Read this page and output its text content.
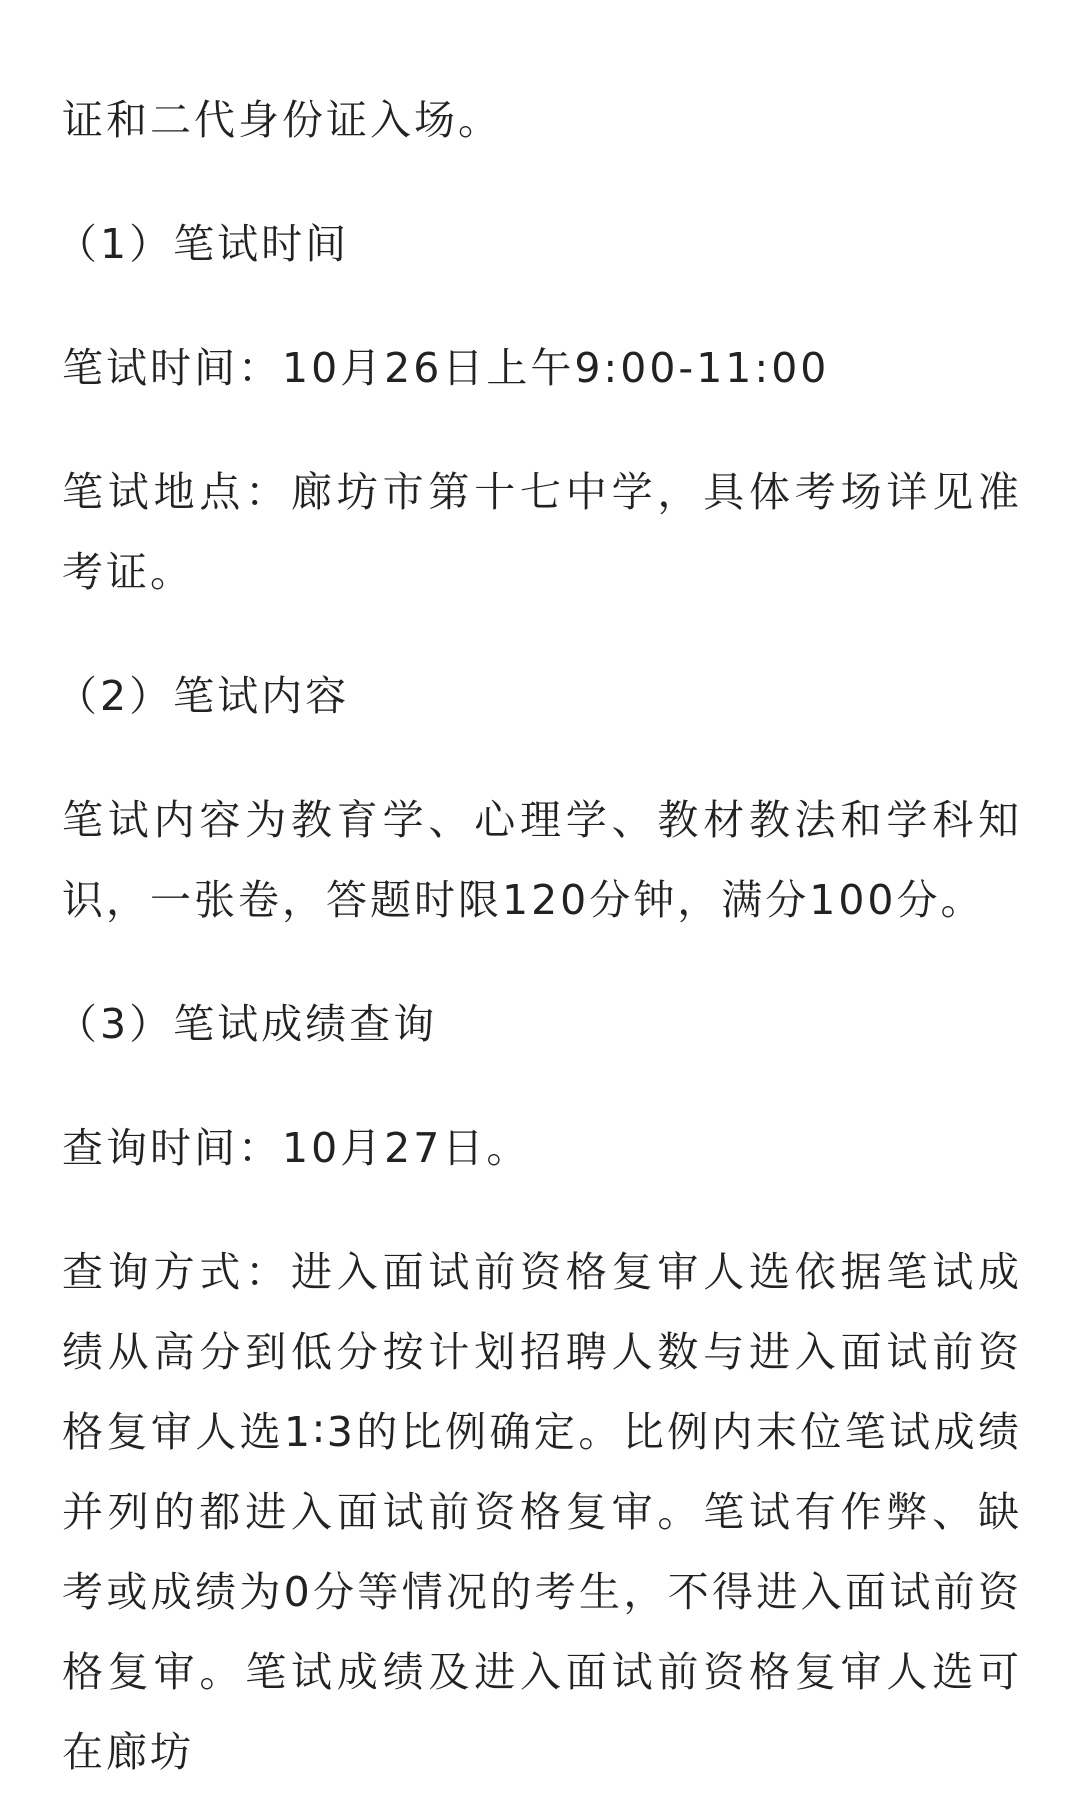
证和二代身份证入场。

（1）笔试时间

笔试时间：10月26日上午9:00-11:00

笔试地点：廊坊市第十七中学，具体考场详见准考证。

（2）笔试内容

笔试内容为教育学、心理学、教材教法和学科知识，一张卷，答题时限120分钟，满分100分。

（3）笔试成绩查询

查询时间：10月27日。

查询方式：进入面试前资格复审人选依据笔试成绩从高分到低分按计划招聘人数与进入面试前资格复审人选1∶3的比例确定。比例内末位笔试成绩并列的都进入面试前资格复审。笔试有作弊、缺考或成绩为0分等情况的考生，不得进入面试前资格复审。笔试成绩及进入面试前资格复审人选可在廊坊
